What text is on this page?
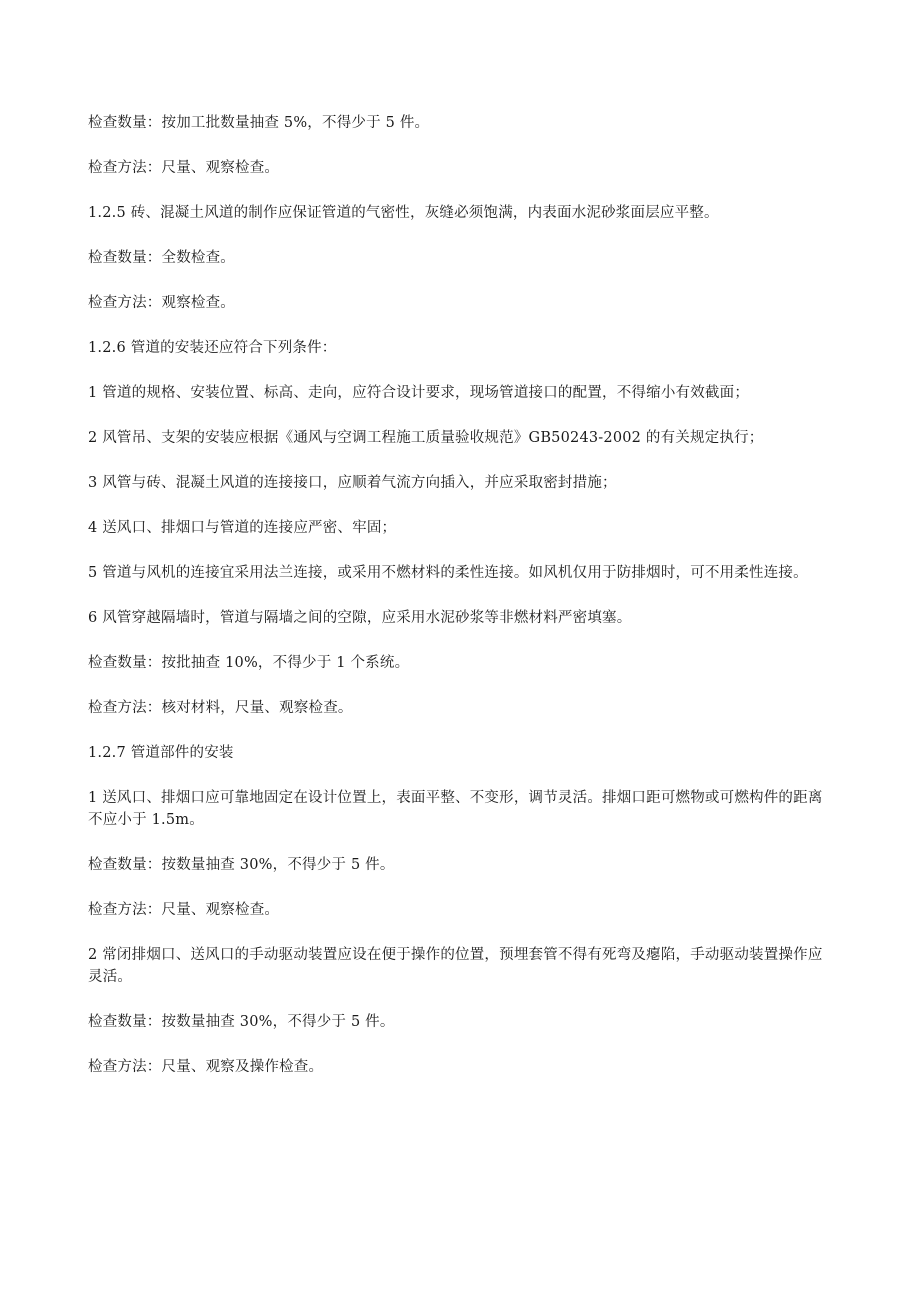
检查数量：按加工批数量抽查 5%，不得少于 5 件。

检查方法：尺量、观察检查。

1.2.5 砖、混凝土风道的制作应保证管道的气密性，灰缝必须饱满，内表面水泥砂浆面层应平整。

检查数量：全数检查。

检查方法：观察检查。

1.2.6 管道的安装还应符合下列条件：

1 管道的规格、安装位置、标高、走向，应符合设计要求，现场管道接口的配置，不得缩小有效截面；

2 风管吊、支架的安装应根据《通风与空调工程施工质量验收规范》GB50243-2002 的有关规定执行；

3 风管与砖、混凝土风道的连接接口，应顺着气流方向插入，并应采取密封措施；

4 送风口、排烟口与管道的连接应严密、牢固；

5 管道与风机的连接宜采用法兰连接，或采用不燃材料的柔性连接。如风机仅用于防排烟时，可不用柔性连接。

6 风管穿越隔墙时，管道与隔墙之间的空隙，应采用水泥砂浆等非燃材料严密填塞。

检查数量：按批抽查 10%，不得少于 1 个系统。

检查方法：核对材料，尺量、观察检查。

1.2.7 管道部件的安装

1 送风口、排烟口应可靠地固定在设计位置上，表面平整、不变形，调节灵活。排烟口距可燃物或可燃构件的距离不应小于 1.5m。

检查数量：按数量抽查 30%，不得少于 5 件。

检查方法：尺量、观察检查。

2 常闭排烟口、送风口的手动驱动装置应设在便于操作的位置，预埋套管不得有死弯及瘪陷，手动驱动装置操作应灵活。

检查数量：按数量抽查 30%，不得少于 5 件。

检查方法：尺量、观察及操作检查。
